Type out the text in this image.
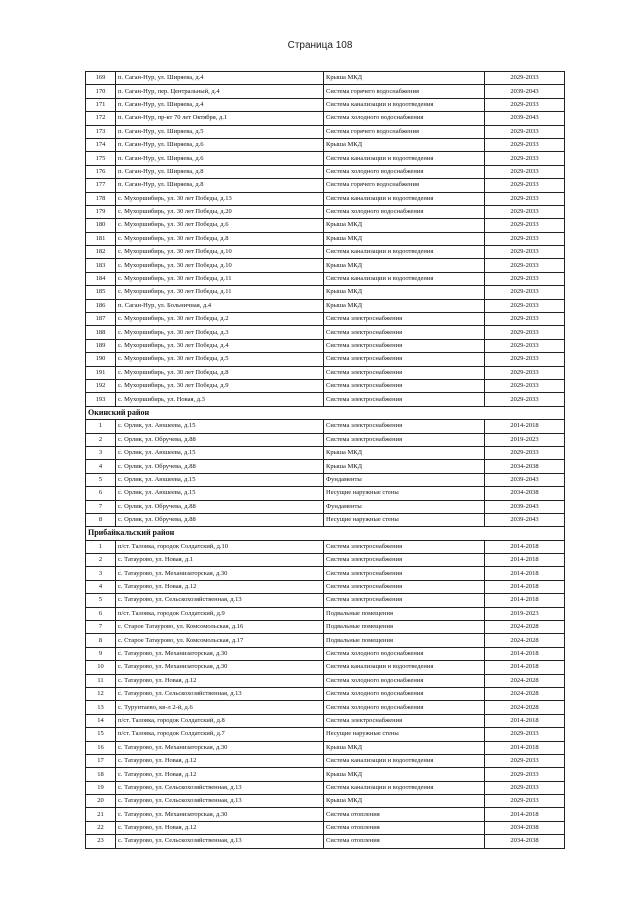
Страница 108
169	п. Саган-Нур, ул. Ширяева, д.4	Крыша МКД	2029-2033
170	п. Саган-Нур, пер. Центральный, д.4	Система горячего водоснабжения	2039-2043
171	п. Саган-Нур, ул. Ширяева, д.4	Система канализации и водоотведения	2029-2033
172	п. Саган-Нур, пр-кт 70 лет Октября, д.1	Система холодного водоснабжения	2039-2043
173	п. Саган-Нур, ул. Ширяева, д.5	Система горячего водоснабжения	2029-2033
174	п. Саган-Нур, ул. Ширяева, д.6	Крыша МКД	2029-2033
175	п. Саган-Нур, ул. Ширяева, д.6	Система канализации и водоотведения	2029-2033
176	п. Саган-Нур, ул. Ширяева, д.8	Система холодного водоснабжения	2029-2033
177	п. Саган-Нур, ул. Ширяева, д.8	Система горячего водоснабжения	2029-2033
178	с. Мухоршибирь, ул. 30 лет Победы, д.13	Система канализации и водоотведения	2029-2033
179	с. Мухоршибирь, ул. 30 лет Победы, д.20	Система холодного водоснабжения	2029-2033
180	с. Мухоршибирь, ул. 30 лет Победы, д.6	Крыша МКД	2029-2033
181	с. Мухоршибирь, ул. 30 лет Победы, д.8	Крыша МКД	2029-2033
182	с. Мухоршибирь, ул. 30 лет Победы, д.10	Система канализации и водоотведения	2029-2033
183	с. Мухоршибирь, ул. 30 лет Победы, д.10	Крыша МКД	2029-2033
184	с. Мухоршибирь, ул. 30 лет Победы, д.11	Система канализации и водоотведения	2029-2033
185	с. Мухоршибирь, ул. 30 лет Победы, д.11	Крыша МКД	2029-2033
186	п. Саган-Нур, ул. Больничная, д.4	Крыша МКД	2029-2033
187	с. Мухоршибирь, ул. 30 лет Победы, д.2	Система электроснабжения	2029-2033
188	с. Мухоршибирь, ул. 30 лет Победы, д.3	Система электроснабжения	2029-2033
189	с. Мухоршибирь, ул. 30 лет Победы, д.4	Система электроснабжения	2029-2033
190	с. Мухоршибирь, ул. 30 лет Победы, д.5	Система электроснабжения	2029-2033
191	с. Мухоршибирь, ул. 30 лет Победы, д.8	Система электроснабжения	2029-2033
192	с. Мухоршибирь, ул. 30 лет Победы, д.9	Система электроснабжения	2029-2033
193	с. Мухоршибирь, ул. Новая, д.3	Система электроснабжения	2029-2033
Окинский район			
1	с. Орлик, ул. Аюшеева, д.15	Система электроснабжения	2014-2018
2	с. Орлик, ул. Обручева, д.88	Система электроснабжения	2019-2023
3	с. Орлик, ул. Аюшеева, д.15	Крыша МКД	2029-2033
4	с. Орлик, ул. Обручева, д.88	Крыша МКД	2034-2038
5	с. Орлик, ул. Аюшеева, д.15	Фундаменты	2039-2043
6	с. Орлик, ул. Аюшеева, д.15	Несущие наружные стены	2034-2038
7	с. Орлик, ул. Обручева, д.88	Фундаменты	2039-2043
8	с. Орлик, ул. Обручева, д.88	Несущие наружные стены	2039-2043
Прибайкальский район			
1	п/ст. Таловка, городок Солдатский, д.10	Система электроснабжения	2014-2018
2	с. Татаурово, ул. Новая, д.1	Система электроснабжения	2014-2018
3	с. Татаурово, ул. Механизаторская, д.30	Система электроснабжения	2014-2018
4	с. Татаурово, ул. Новая, д.12	Система электроснабжения	2014-2018
5	с. Татаурово, ул. Сельскохозяйственная, д.13	Система электроснабжения	2014-2018
6	п/ст. Таловка, городок Солдатский, д.9	Подвальные помещения	2019-2023
7	с. Старое Татаурово, ул. Комсомольская, д.16	Подвальные помещения	2024-2028
8	с. Старое Татаурово, ул. Комсомольская, д.17	Подвальные помещения	2024-2028
9	с. Татаурово, ул. Механизаторская, д.30	Система холодного водоснабжения	2014-2018
10	с. Татаурово, ул. Механизаторская, д.30	Система канализации и водоотведения	2014-2018
11	с. Татаурово, ул. Новая, д.12	Система холодного водоснабжения	2024-2028
12	с. Татаурово, ул. Сельскохозяйственная, д.13	Система холодного водоснабжения	2024-2028
13	с. Турунтаево, кв-л 2-й, д.6	Система холодного водоснабжения	2024-2028
14	п/ст. Таловка, городок Солдатский, д.8	Система электроснабжения	2014-2018
15	п/ст. Таловка, городок Солдатский, д.7	Несущие наружные стены	2029-2033
16	с. Татаурово, ул. Механизаторская, д.30	Крыша МКД	2014-2018
17	с. Татаурово, ул. Новая, д.12	Система канализации и водоотведения	2029-2033
18	с. Татаурово, ул. Новая, д.12	Крыша МКД	2029-2033
19	с. Татаурово, ул. Сельскохозяйственная, д.13	Система канализации и водоотведения	2029-2033
20	с. Татаурово, ул. Сельскохозяйственная, д.13	Крыша МКД	2029-2033
21	с. Татаурово, ул. Механизаторская, д.30	Система отопления	2014-2018
22	с. Татаурово, ул. Новая, д.12	Система отопления	2034-2038
23	с. Татаурово, ул. Сельскохозяйственная, д.13	Система отопления	2034-2038
